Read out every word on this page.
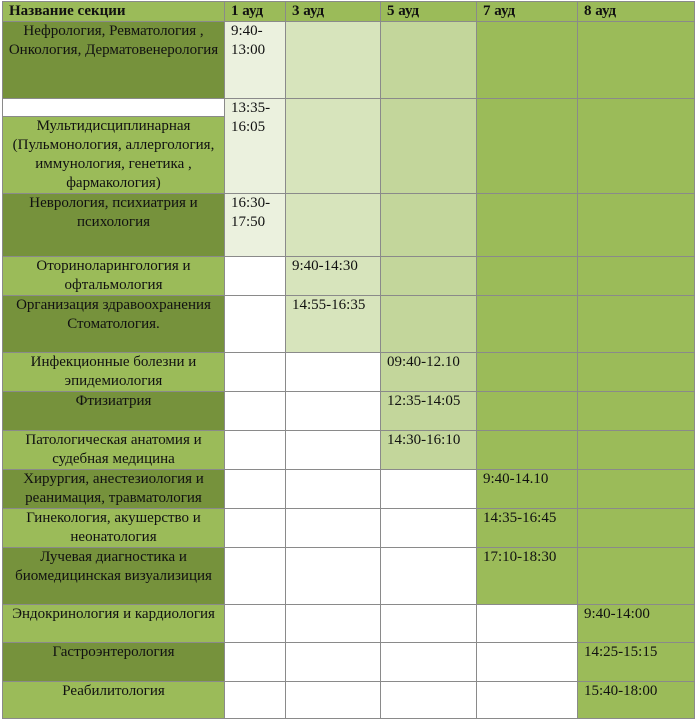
Название секции	1 ауд	3 ауд	5 ауд	7 ауд	8 ауд
Нефрология, Ревматология , Онкология, Дерматовенерология	9:40-13:00				

Мультидисциплинарная (Пульмонология, аллергология, иммунология, генетика , фармакология)	13:35-16:05				
Неврология, психиатрия и психология	16:30-17:50				
Оториноларингология и офтальмология		9:40-14:30			
Организация здравоохранения Стоматология.		14:55-16:35			
Инфекционные болезни и эпидемиология			09:40-12.10		
Фтизиатрия			12:35-14:05		
Патологическая анатомия и судебная медицина			14:30-16:10		
Хирургия, анестезиология и реанимация, травматология				9:40-14.10	
Гинекология, акушерство и неонатология				14:35-16:45	
Лучевая диагностика и биомедицинская визуализиция				17:10-18:30	
Эндокринология и кардиология					9:40-14:00
Гастроэнтерология					14:25-15:15
Реабилитология					15:40-18:00
